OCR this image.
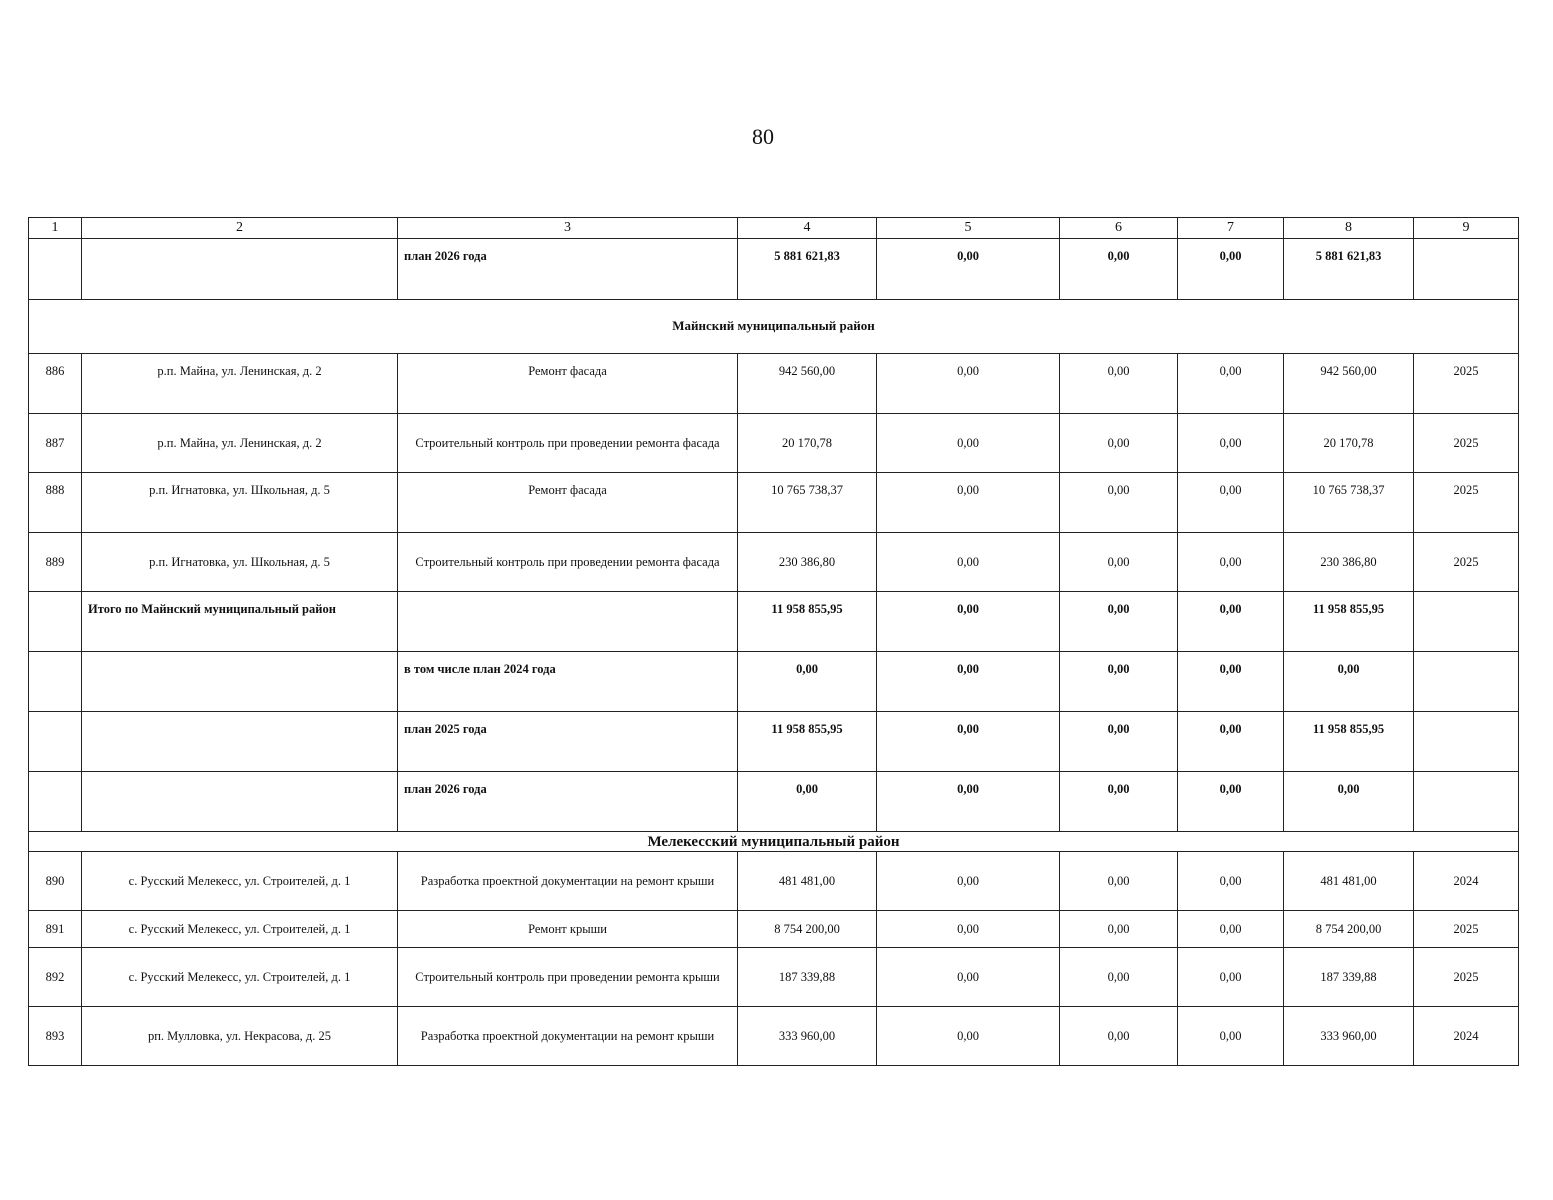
80
1	2	3	4	5	6	7	8	9
		план 2026 года	5 881 621,83	0,00	0,00	0,00	5 881 621,83	
Майнский муниципальный район								
886	р.п. Майна, ул. Ленинская, д. 2	Ремонт фасада	942 560,00	0,00	0,00	0,00	942 560,00	2025
887	р.п. Майна, ул. Ленинская, д. 2	Строительный контроль при проведении ремонта фасада	20 170,78	0,00	0,00	0,00	20 170,78	2025
888	р.п. Игнатовка, ул. Школьная, д. 5	Ремонт фасада	10 765 738,37	0,00	0,00	0,00	10 765 738,37	2025
889	р.п. Игнатовка, ул. Школьная, д. 5	Строительный контроль при проведении ремонта фасада	230 386,80	0,00	0,00	0,00	230 386,80	2025
	Итого по Майнский муниципальный район		11 958 855,95	0,00	0,00	0,00	11 958 855,95	
		в том числе план 2024 года	0,00	0,00	0,00	0,00	0,00	
		план 2025 года	11 958 855,95	0,00	0,00	0,00	11 958 855,95	
		план 2026 года	0,00	0,00	0,00	0,00	0,00	
Мелекесский муниципальный район								
890	с. Русский Мелекесс, ул. Строителей, д. 1	Разработка проектной документации на ремонт крыши	481 481,00	0,00	0,00	0,00	481 481,00	2024
891	с. Русский Мелекесс, ул. Строителей, д. 1	Ремонт крыши	8 754 200,00	0,00	0,00	0,00	8 754 200,00	2025
892	с. Русский Мелекесс, ул. Строителей, д. 1	Строительный контроль при проведении ремонта крыши	187 339,88	0,00	0,00	0,00	187 339,88	2025
893	рп. Мулловка, ул. Некрасова, д. 25	Разработка проектной документации на ремонт крыши	333 960,00	0,00	0,00	0,00	333 960,00	2024
